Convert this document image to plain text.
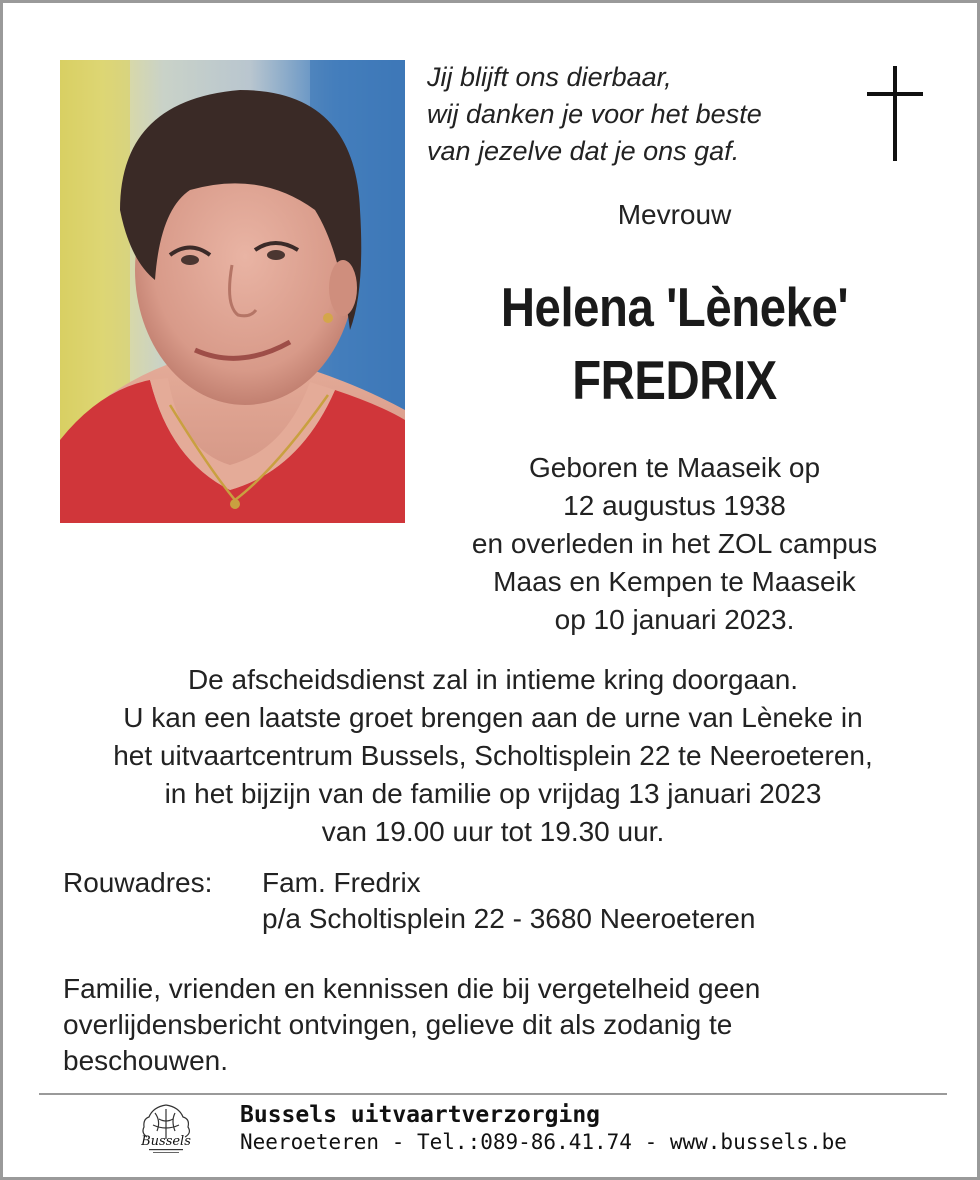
Jij blijft ons dierbaar,
wij danken je voor het beste
van jezelve dat je ons gaf.
Mevrouw
Helena 'Lèneke'
FREDRIX
Geboren te Maaseik op
12 augustus 1938
en overleden in het ZOL campus
Maas en Kempen te Maaseik
op 10 januari 2023.
De afscheidsdienst zal in intieme kring doorgaan.
U kan een laatste groet brengen aan de urne van Lèneke in
het uitvaartcentrum Bussels, Scholtisplein 22 te Neeroeteren,
in het bijzijn van de familie op vrijdag 13 januari 2023
van 19.00 uur tot 19.30 uur.
Rouwadres: Fam. Fredrix
p/a Scholtisplein 22 - 3680 Neeroeteren
Familie, vrienden en kennissen die bij vergetelheid geen
overlijdensbericht ontvingen, gelieve dit als zodanig te
beschouwen.
Bussels
Bussels uitvaartverzorging
Neeroeteren - Tel.:089-86.41.74 - www.bussels.be
